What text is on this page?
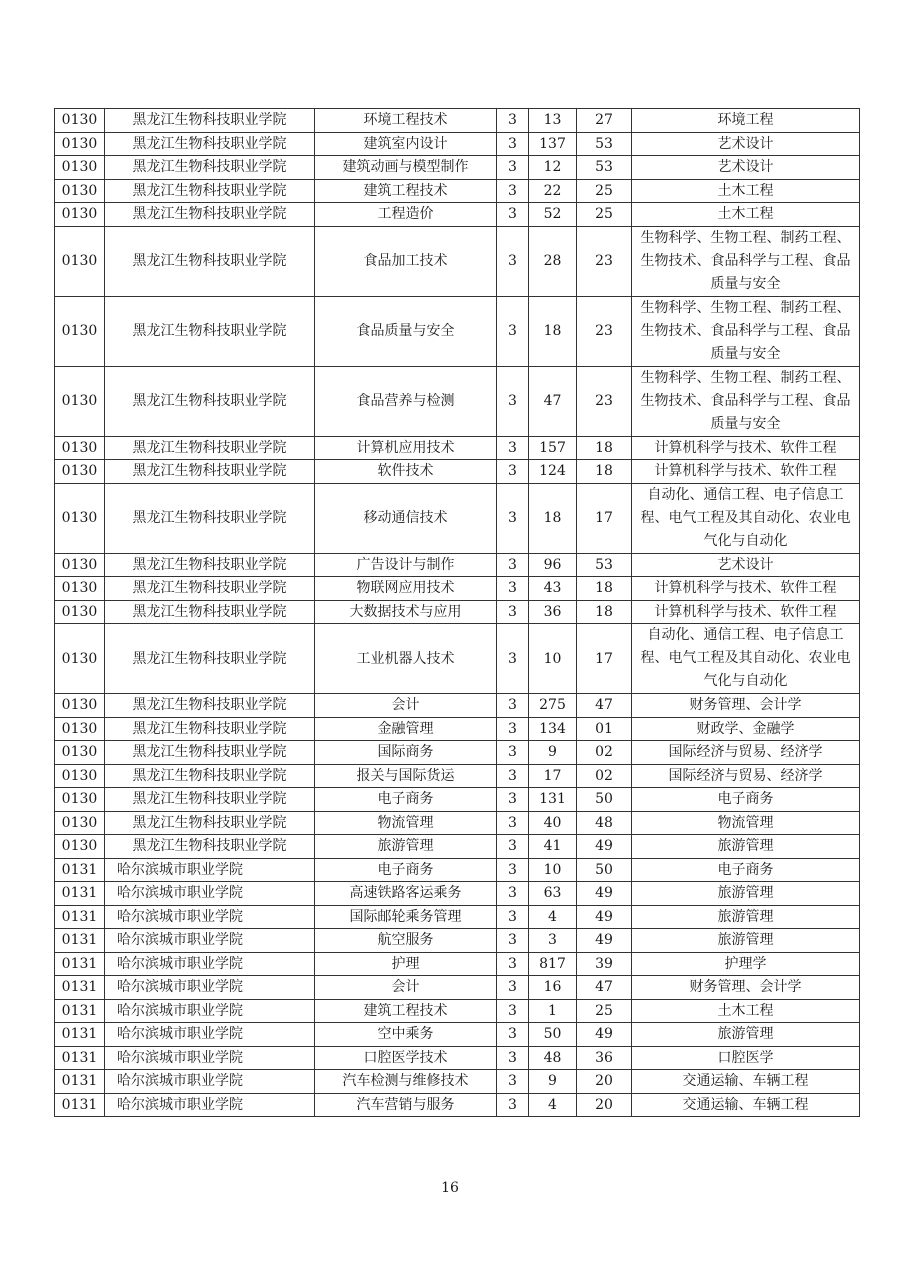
0130	黑龙江生物科技职业学院	环境工程技术	3	13	27	环境工程
0130	黑龙江生物科技职业学院	建筑室内设计	3	137	53	艺术设计
0130	黑龙江生物科技职业学院	建筑动画与模型制作	3	12	53	艺术设计
0130	黑龙江生物科技职业学院	建筑工程技术	3	22	25	土木工程
0130	黑龙江生物科技职业学院	工程造价	3	52	25	土木工程
0130	黑龙江生物科技职业学院	食品加工技术	3	28	23	生物科学、生物工程、制药工程、生物技术、食品科学与工程、食品质量与安全
0130	黑龙江生物科技职业学院	食品质量与安全	3	18	23	生物科学、生物工程、制药工程、生物技术、食品科学与工程、食品质量与安全
0130	黑龙江生物科技职业学院	食品营养与检测	3	47	23	生物科学、生物工程、制药工程、生物技术、食品科学与工程、食品质量与安全
0130	黑龙江生物科技职业学院	计算机应用技术	3	157	18	计算机科学与技术、软件工程
0130	黑龙江生物科技职业学院	软件技术	3	124	18	计算机科学与技术、软件工程
0130	黑龙江生物科技职业学院	移动通信技术	3	18	17	自动化、通信工程、电子信息工程、电气工程及其自动化、农业电气化与自动化
0130	黑龙江生物科技职业学院	广告设计与制作	3	96	53	艺术设计
0130	黑龙江生物科技职业学院	物联网应用技术	3	43	18	计算机科学与技术、软件工程
0130	黑龙江生物科技职业学院	大数据技术与应用	3	36	18	计算机科学与技术、软件工程
0130	黑龙江生物科技职业学院	工业机器人技术	3	10	17	自动化、通信工程、电子信息工程、电气工程及其自动化、农业电气化与自动化
0130	黑龙江生物科技职业学院	会计	3	275	47	财务管理、会计学
0130	黑龙江生物科技职业学院	金融管理	3	134	01	财政学、金融学
0130	黑龙江生物科技职业学院	国际商务	3	9	02	国际经济与贸易、经济学
0130	黑龙江生物科技职业学院	报关与国际货运	3	17	02	国际经济与贸易、经济学
0130	黑龙江生物科技职业学院	电子商务	3	131	50	电子商务
0130	黑龙江生物科技职业学院	物流管理	3	40	48	物流管理
0130	黑龙江生物科技职业学院	旅游管理	3	41	49	旅游管理
0131	哈尔滨城市职业学院	电子商务	3	10	50	电子商务
0131	哈尔滨城市职业学院	高速铁路客运乘务	3	63	49	旅游管理
0131	哈尔滨城市职业学院	国际邮轮乘务管理	3	4	49	旅游管理
0131	哈尔滨城市职业学院	航空服务	3	3	49	旅游管理
0131	哈尔滨城市职业学院	护理	3	817	39	护理学
0131	哈尔滨城市职业学院	会计	3	16	47	财务管理、会计学
0131	哈尔滨城市职业学院	建筑工程技术	3	1	25	土木工程
0131	哈尔滨城市职业学院	空中乘务	3	50	49	旅游管理
0131	哈尔滨城市职业学院	口腔医学技术	3	48	36	口腔医学
0131	哈尔滨城市职业学院	汽车检测与维修技术	3	9	20	交通运输、车辆工程
0131	哈尔滨城市职业学院	汽车营销与服务	3	4	20	交通运输、车辆工程
16
